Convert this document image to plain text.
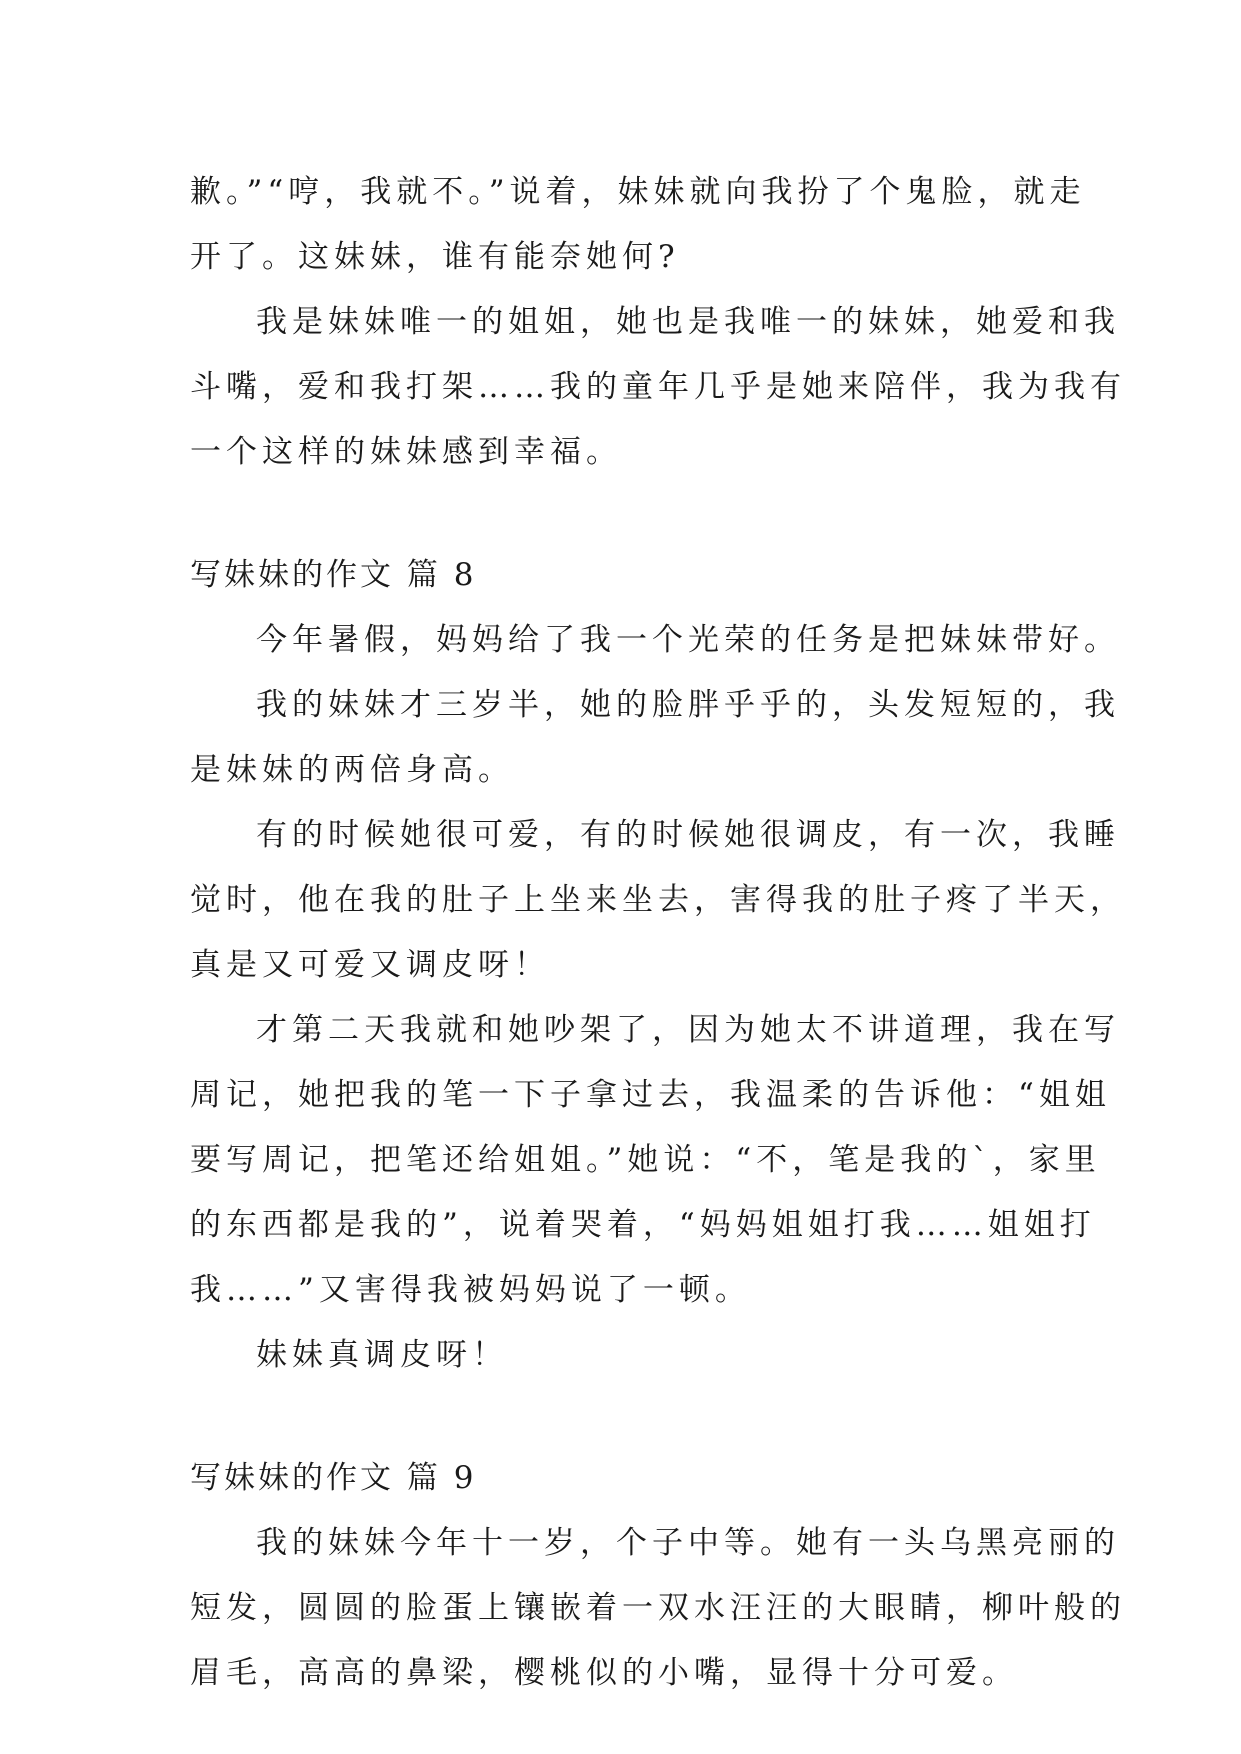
歉。”“哼，我就不。”说着，妹妹就向我扮了个鬼脸，就走
开了。这妹妹，谁有能奈她何?
我是妹妹唯一的姐姐，她也是我唯一的妹妹，她爱和我
斗嘴，爱和我打架……我的童年几乎是她来陪伴，我为我有
一个这样的妹妹感到幸福。
写妹妹的作文 篇 8
今年暑假，妈妈给了我一个光荣的任务是把妹妹带好。
我的妹妹才三岁半，她的脸胖乎乎的，头发短短的，我
是妹妹的两倍身高。
有的时候她很可爱，有的时候她很调皮，有一次，我睡
觉时，他在我的肚子上坐来坐去，害得我的肚子疼了半天，
真是又可爱又调皮呀！
才第二天我就和她吵架了，因为她太不讲道理，我在写
周记，她把我的笔一下子拿过去，我温柔的告诉他：“姐姐
要写周记，把笔还给姐姐。”她说：“不，笔是我的`，家里
的东西都是我的”，说着哭着，“妈妈姐姐打我……姐姐打
我……”又害得我被妈妈说了一顿。
妹妹真调皮呀！
写妹妹的作文 篇 9
我的妹妹今年十一岁，个子中等。她有一头乌黑亮丽的
短发，圆圆的脸蛋上镶嵌着一双水汪汪的大眼睛，柳叶般的
眉毛，高高的鼻梁，樱桃似的小嘴，显得十分可爱。
